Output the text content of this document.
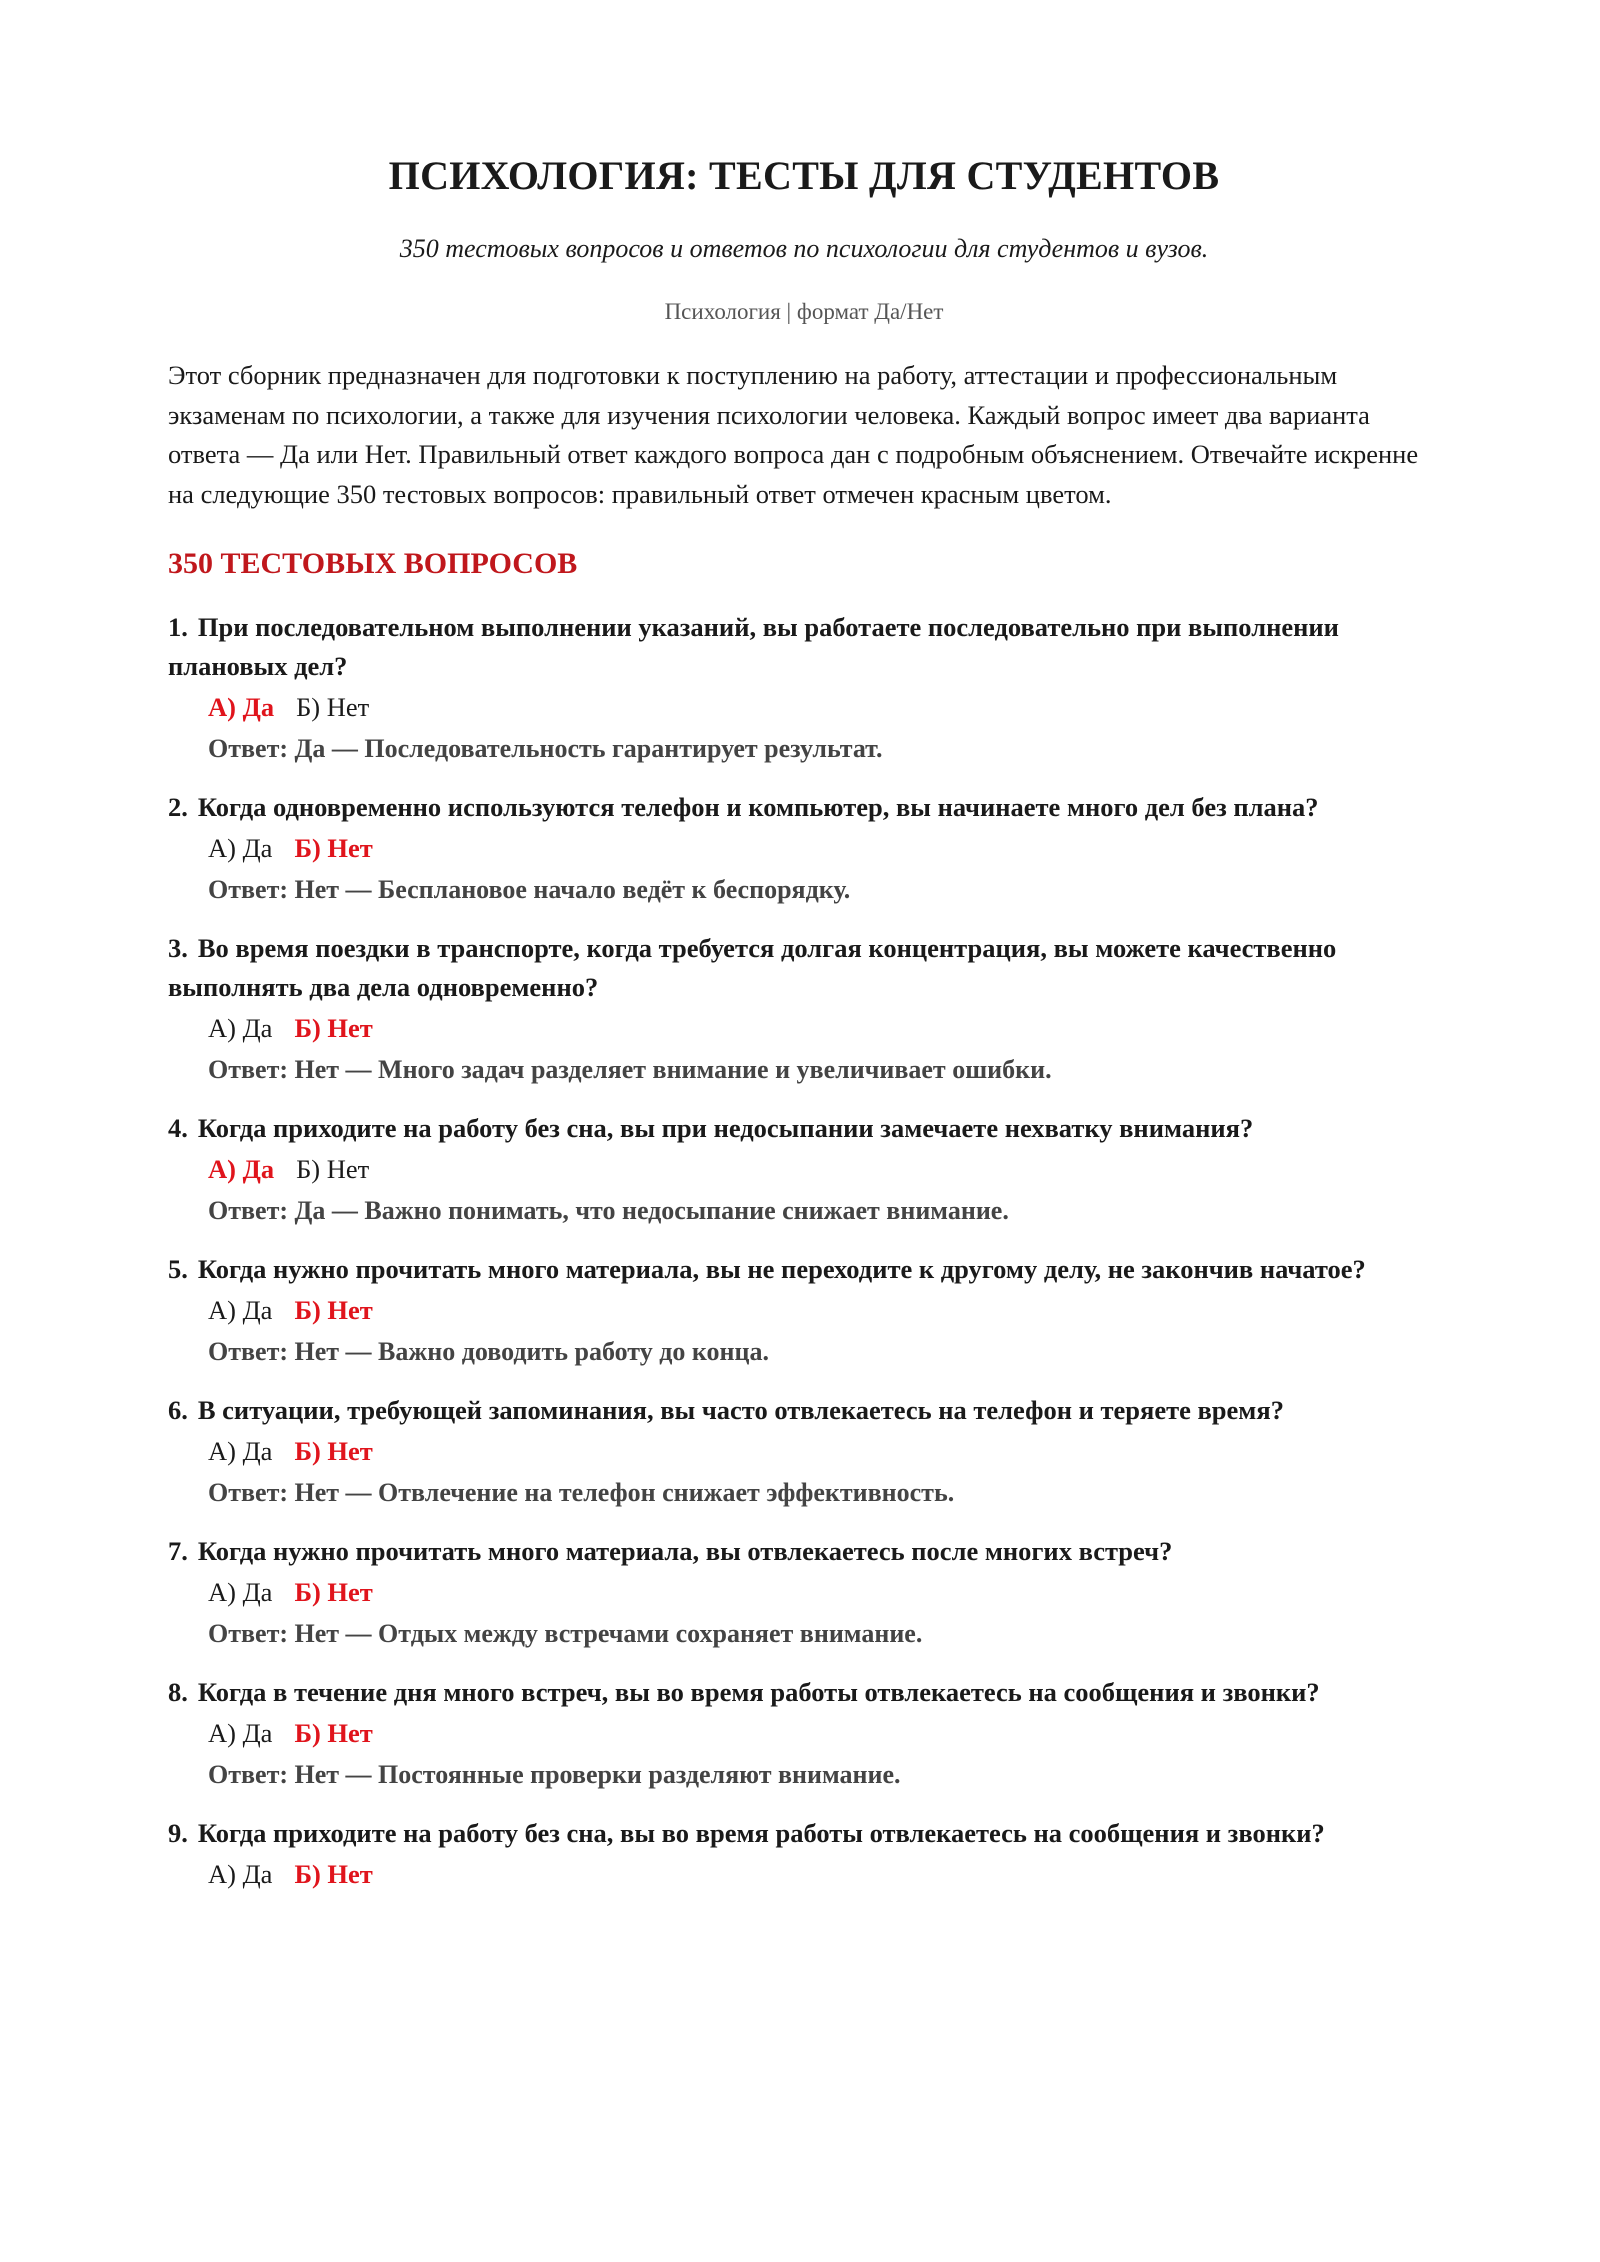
ПСИХОЛОГИЯ: ТЕСТЫ ДЛЯ СТУДЕНТОВ

350 тестовых вопросов и ответов по психологии для студентов и вузов.

Психология | формат Да/Нет

Этот сборник предназначен для подготовки к поступлению на работу, аттестации и профессиональным экзаменам по психологии, а также для изучения психологии человека. Каждый вопрос имеет два варианта ответа — Да или Нет. Правильный ответ каждого вопроса дан с подробным объяснением. Отвечайте искренне на следующие 350 тестовых вопросов: правильный ответ отмечен красным цветом.

350 ТЕСТОВЫХ ВОПРОСОВ
1. При последовательном выполнении указаний, вы работаете последовательно при выполнении плановых дел?
А) Да Б) Нет
Ответ: Да — Последовательность гарантирует результат.
2. Когда одновременно используются телефон и компьютер, вы начинаете много дел без плана?
А) Да Б) Нет
Ответ: Нет — Бесплановое начало ведёт к беспорядку.
3. Во время поездки в транспорте, когда требуется долгая концентрация, вы можете качественно выполнять два дела одновременно?
А) Да Б) Нет
Ответ: Нет — Много задач разделяет внимание и увеличивает ошибки.
4. Когда приходите на работу без сна, вы при недосыпании замечаете нехватку внимания?
А) Да Б) Нет
Ответ: Да — Важно понимать, что недосыпание снижает внимание.
5. Когда нужно прочитать много материала, вы не переходите к другому делу, не закончив начатое?
А) Да Б) Нет
Ответ: Нет — Важно доводить работу до конца.
6. В ситуации, требующей запоминания, вы часто отвлекаетесь на телефон и теряете время?
А) Да Б) Нет
Ответ: Нет — Отвлечение на телефон снижает эффективность.
7. Когда нужно прочитать много материала, вы отвлекаетесь после многих встреч?
А) Да Б) Нет
Ответ: Нет — Отдых между встречами сохраняет внимание.
8. Когда в течение дня много встреч, вы во время работы отвлекаетесь на сообщения и звонки?
А) Да Б) Нет
Ответ: Нет — Постоянные проверки разделяют внимание.
9. Когда приходите на работу без сна, вы во время работы отвлекаетесь на сообщения и звонки?
А) Да Б) Нет
